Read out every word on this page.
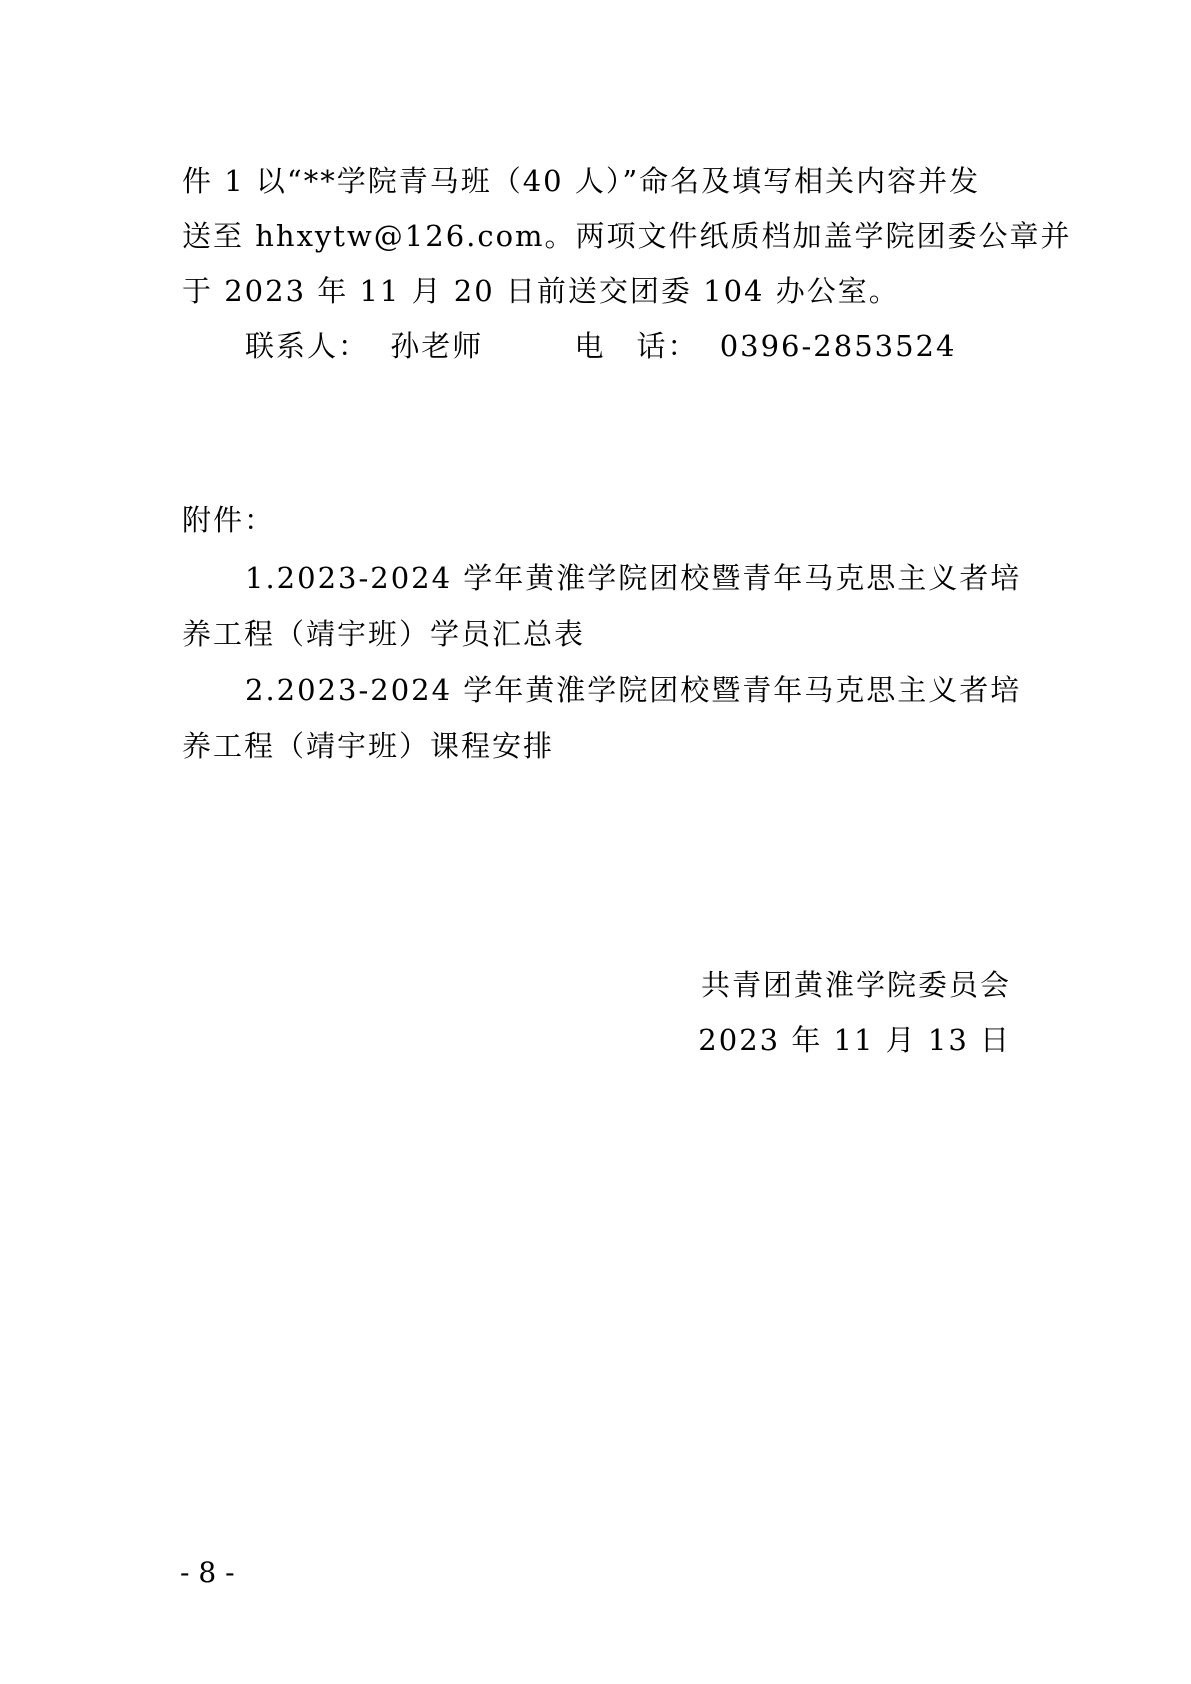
件 1 以“**学院青马班（40 人）”命名及填写相关内容并发
送至 hhxytw@126.com。两项文件纸质档加盖学院团委公章并
于 2023 年 11 月 20 日前送交团委 104 办公室。
联系人： 孙老师	电　话： 0396-2853524
附件：
1.2023-2024 学年黄淮学院团校暨青年马克思主义者培
养工程（靖宇班）学员汇总表
2.2023-2024 学年黄淮学院团校暨青年马克思主义者培
养工程（靖宇班）课程安排
共青团黄淮学院委员会
2023 年 11 月 13 日
- 8 -
